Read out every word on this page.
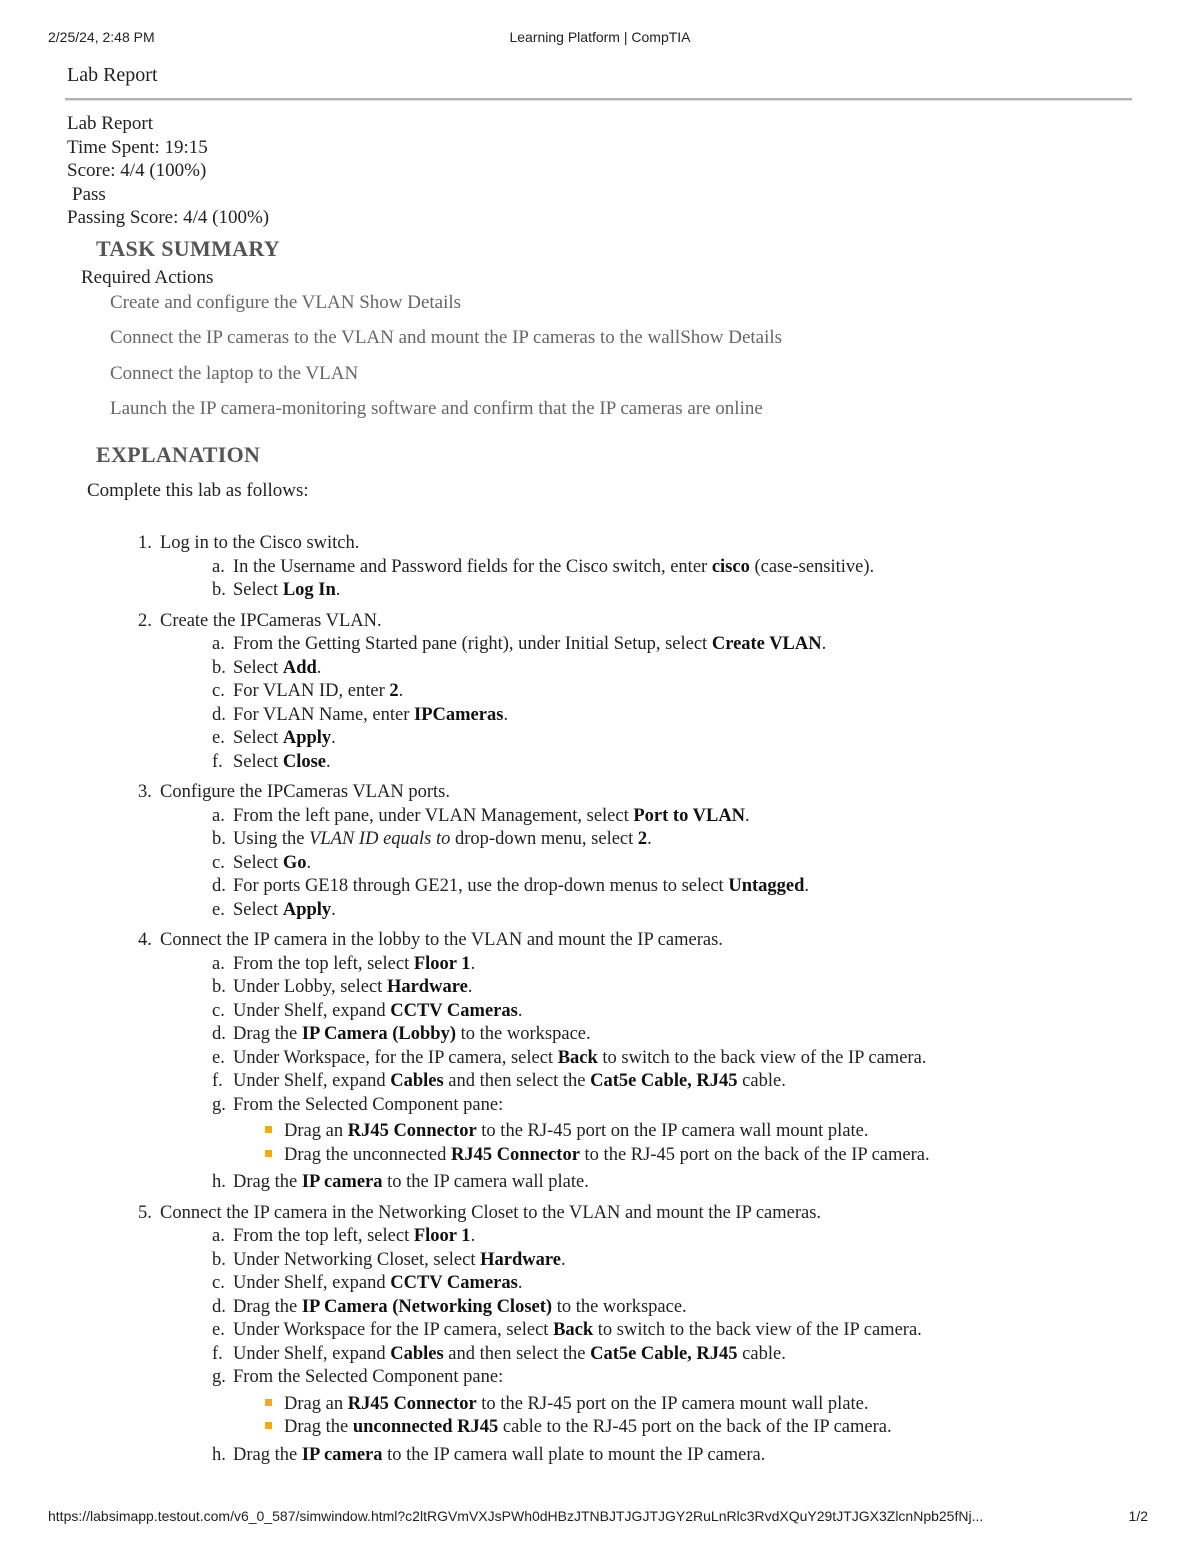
2/25/24, 2:48 PM	Learning Platform | CompTIA
Lab Report
Lab Report
Time Spent: 19:15
Score: 4/4 (100%)
Pass
Passing Score: 4/4 (100%)
TASK SUMMARY
Required Actions
Create and configure the VLAN Show Details
Connect the IP cameras to the VLAN and mount the IP cameras to the wallShow Details
Connect the laptop to the VLAN
Launch the IP camera-monitoring software and confirm that the IP cameras are online
EXPLANATION
Complete this lab as follows:
1. Log in to the Cisco switch.
a. In the Username and Password fields for the Cisco switch, enter cisco (case-sensitive).
b. Select Log In.
2. Create the IPCameras VLAN.
a. From the Getting Started pane (right), under Initial Setup, select Create VLAN.
b. Select Add.
c. For VLAN ID, enter 2.
d. For VLAN Name, enter IPCameras.
e. Select Apply.
f. Select Close.
3. Configure the IPCameras VLAN ports.
a. From the left pane, under VLAN Management, select Port to VLAN.
b. Using the VLAN ID equals to drop-down menu, select 2.
c. Select Go.
d. For ports GE18 through GE21, use the drop-down menus to select Untagged.
e. Select Apply.
4. Connect the IP camera in the lobby to the VLAN and mount the IP cameras.
a. From the top left, select Floor 1.
b. Under Lobby, select Hardware.
c. Under Shelf, expand CCTV Cameras.
d. Drag the IP Camera (Lobby) to the workspace.
e. Under Workspace, for the IP camera, select Back to switch to the back view of the IP camera.
f. Under Shelf, expand Cables and then select the Cat5e Cable, RJ45 cable.
g. From the Selected Component pane:
Drag an RJ45 Connector to the RJ-45 port on the IP camera wall mount plate.
Drag the unconnected RJ45 Connector to the RJ-45 port on the back of the IP camera.
h. Drag the IP camera to the IP camera wall plate.
5. Connect the IP camera in the Networking Closet to the VLAN and mount the IP cameras.
a. From the top left, select Floor 1.
b. Under Networking Closet, select Hardware.
c. Under Shelf, expand CCTV Cameras.
d. Drag the IP Camera (Networking Closet) to the workspace.
e. Under Workspace for the IP camera, select Back to switch to the back view of the IP camera.
f. Under Shelf, expand Cables and then select the Cat5e Cable, RJ45 cable.
g. From the Selected Component pane:
Drag an RJ45 Connector to the RJ-45 port on the IP camera mount wall plate.
Drag the unconnected RJ45 cable to the RJ-45 port on the back of the IP camera.
h. Drag the IP camera to the IP camera wall plate to mount the IP camera.
https://labsimapp.testout.com/v6_0_587/simwindow.html?c2ltRGVmVXJsPWh0dHBzJTNBJTJGJTJGY2RuLnRlc3RvdXQuY29tJTJGX3ZlcnNpb25fNj...	1/2
